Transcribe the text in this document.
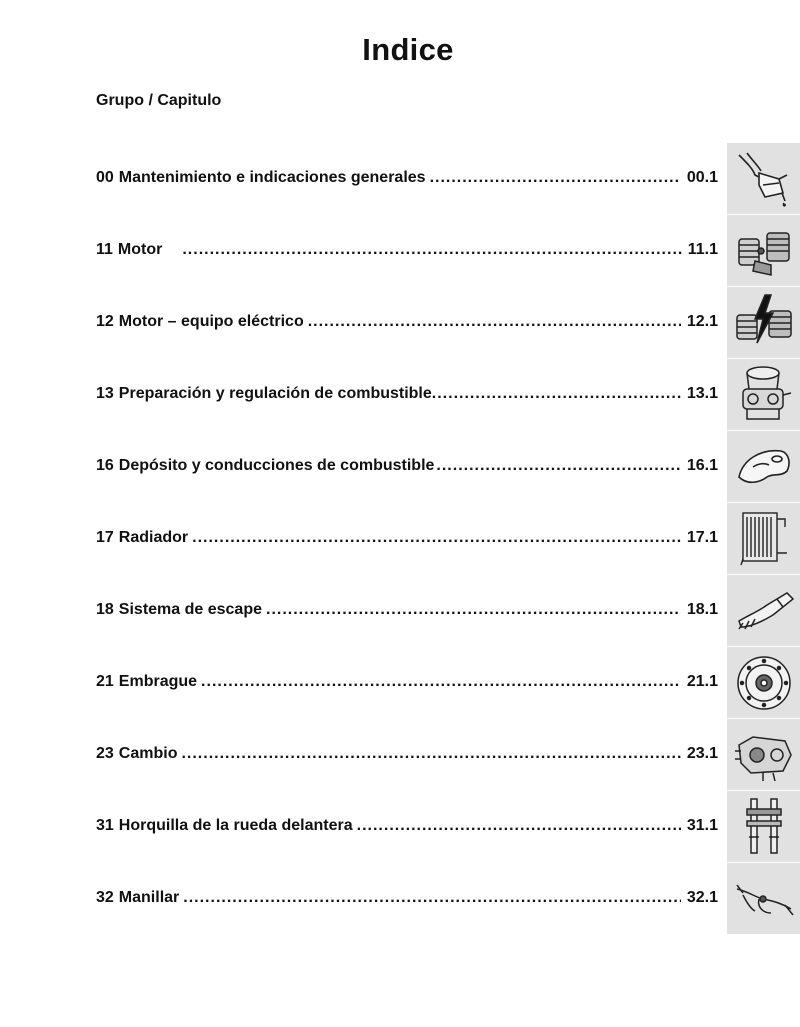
Indice
Grupo / Capitulo
00 Mantenimiento e indicaciones generales .....	00.1
11 Motor .....	11.1
12 Motor – equipo eléctrico .....	12.1
13 Preparación y regulación de combustible .....	13.1
16 Depósito y conducciones de combustible .....	16.1
17 Radiador .....	17.1
18 Sistema de escape .....	18.1
21 Embrague .....	21.1
23 Cambio .....	23.1
31 Horquilla de la rueda delantera .....	31.1
32 Manillar .....	32.1
